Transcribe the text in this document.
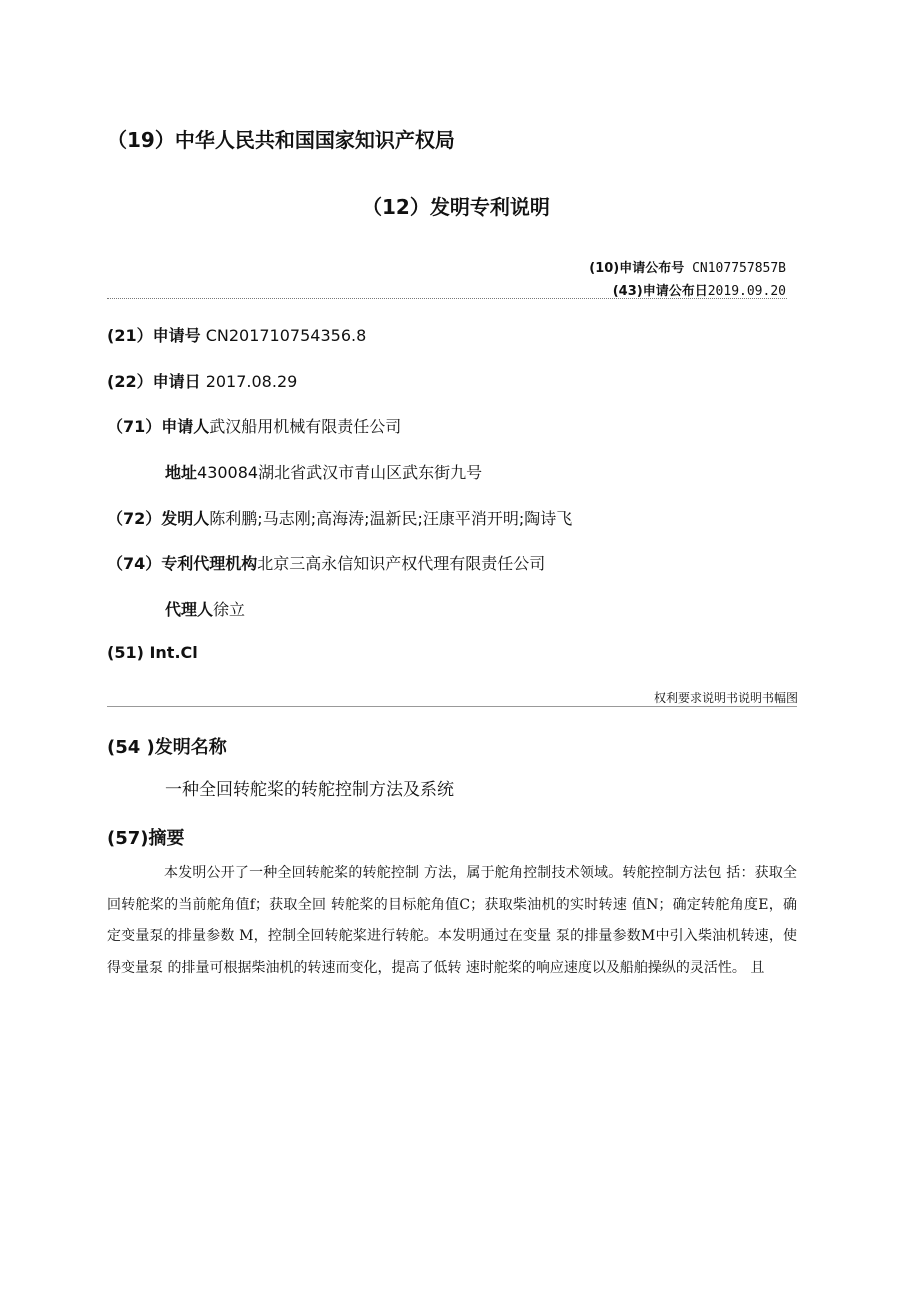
（19）中华人民共和国国家知识产权局
（12）发明专利说明
(10)申请公布号 CN107757857B
(43)申请公布日2019.09.20
(21）申请号 CN201710754356.8
(22）申请日 2017.08.29
（71）申请人武汉船用机械有限责任公司
地址430084湖北省武汉市青山区武东街九号
（72）发明人陈利鹏;马志刚;高海涛;温新民;汪康平消开明;陶诗飞
（74）专利代理机构北京三高永信知识产权代理有限责任公司
代理人徐立
(51) Int.Cl
权利要求说明书说明书幅图
(54 )发明名称
一种全回转舵桨的转舵控制方法及系统
(57)摘要
本发明公开了一种全回转舵桨的转舵控制 方法，属于舵角控制技术领域。转舵控制方法包 括：获取全回转舵桨的当前舵角值f；获取全回 转舵桨的目标舵角值C；获取柴油机的实时转速 值N；确定转舵角度E，确定变量泵的排量参数 M，控制全回转舵桨进行转舵。本发明通过在变量 泵的排量参数M中引入柴油机转速，使得变量泵 的排量可根据柴油机的转速而变化，提高了低转 速时舵桨的响应速度以及船舶操纵的灵活性。 且
